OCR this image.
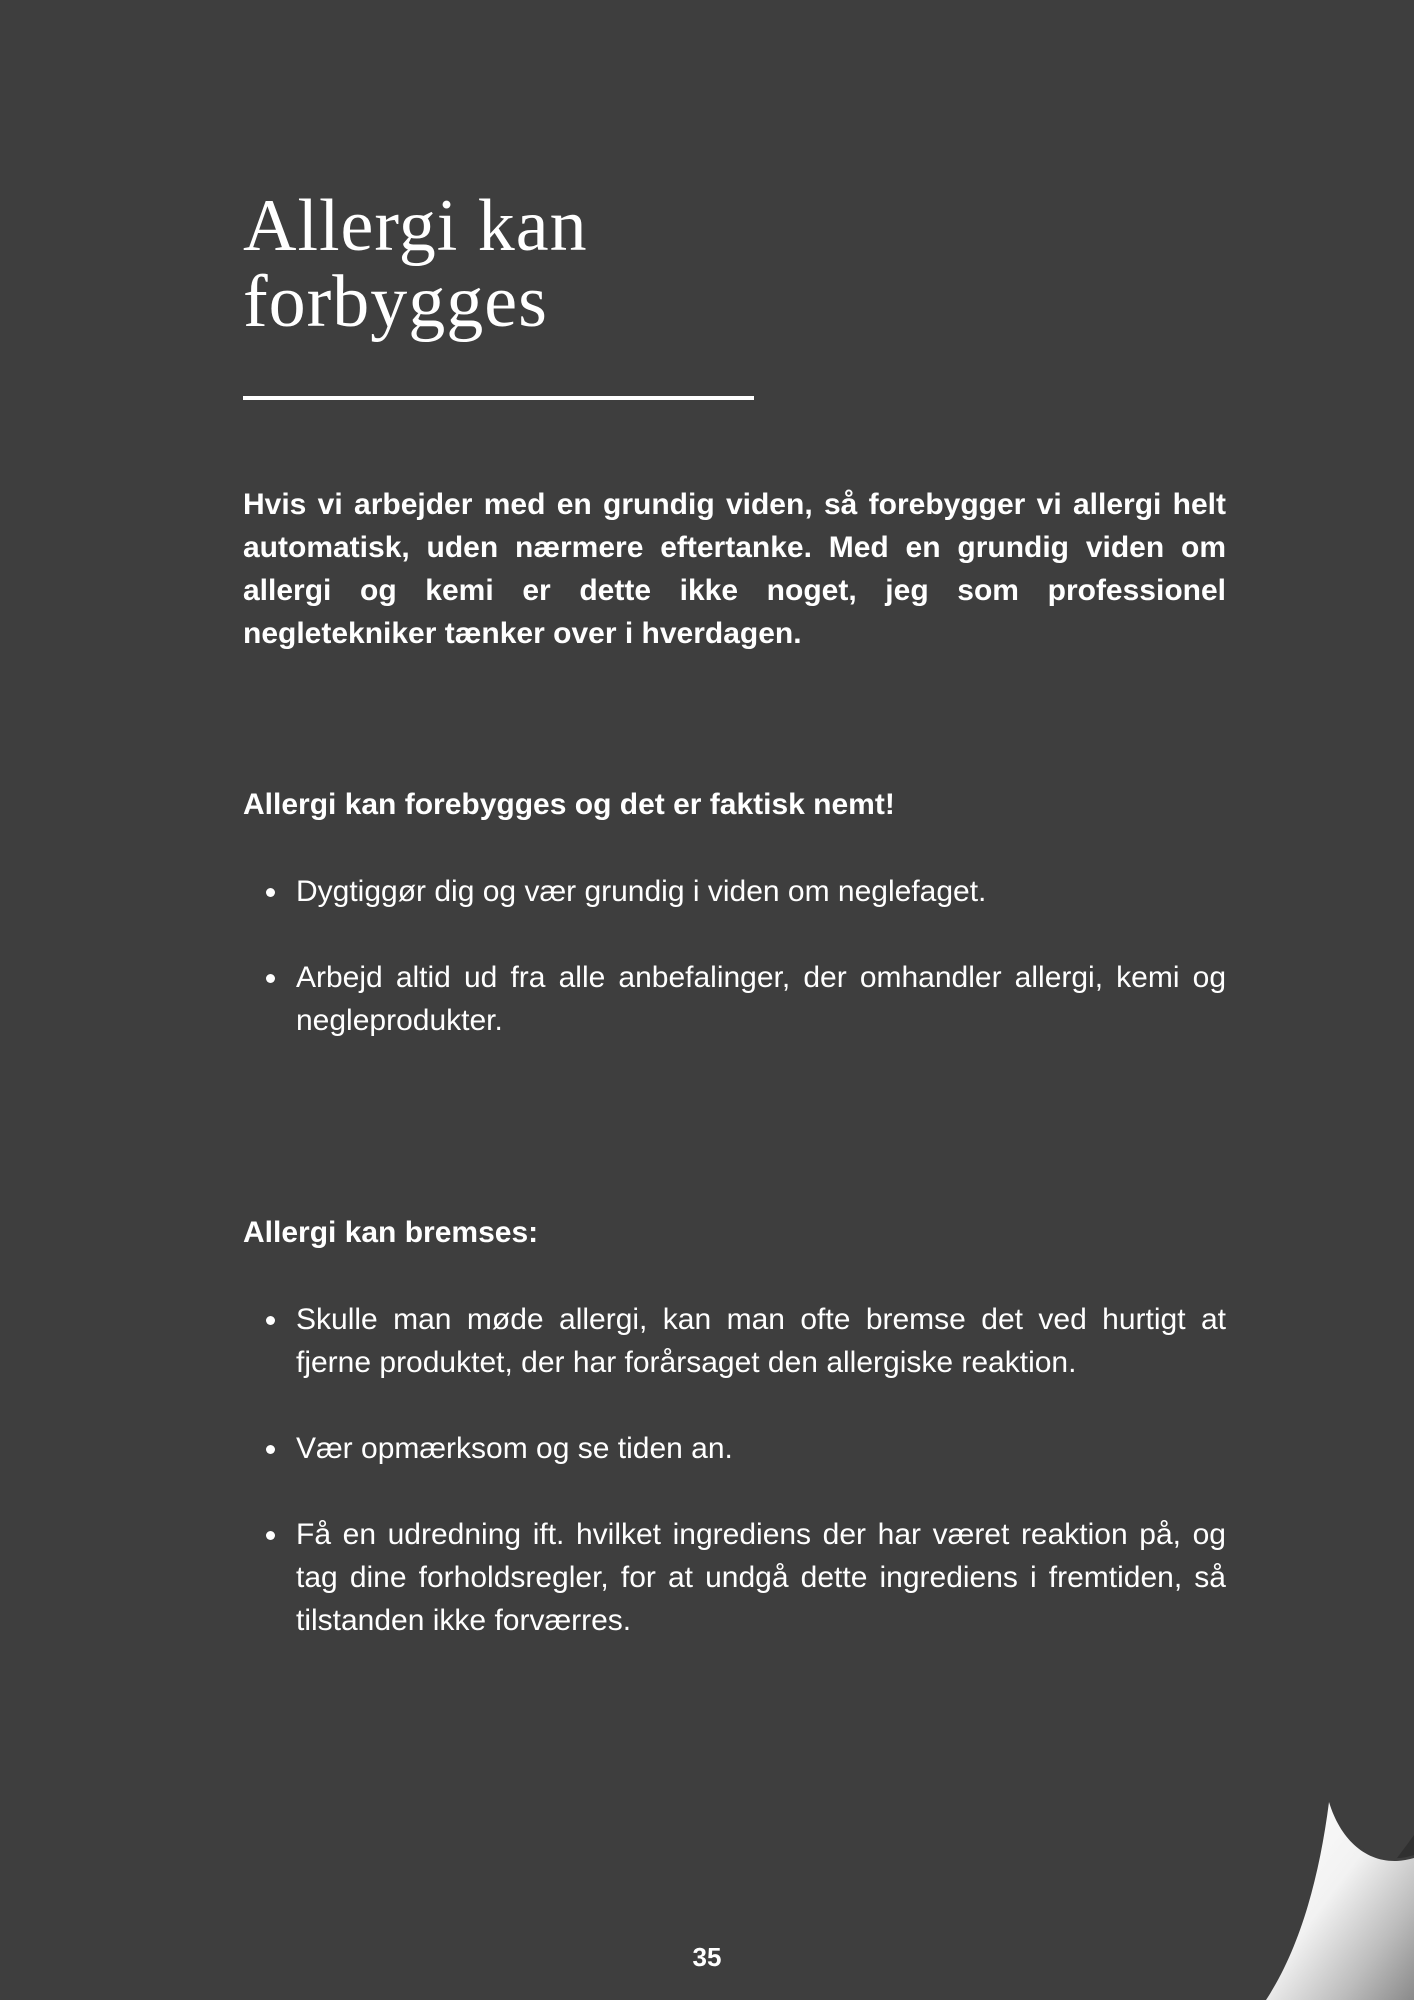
Allergi kan
forbygges

Hvis vi arbejder med en grundig viden, så forebygger vi allergi helt automatisk, uden nærmere eftertanke. Med en grundig viden om allergi og kemi er dette ikke noget, jeg som professionel negletekniker tænker over i hverdagen.

Allergi kan forebygges og det er faktisk nemt!
Dygtiggør dig og vær grundig i viden om neglefaget.
Arbejd altid ud fra alle anbefalinger, der omhandler allergi, kemi og negleprodukter.
Allergi kan bremses:
Skulle man møde allergi, kan man ofte bremse det ved hurtigt at fjerne produktet, der har forårsaget den allergiske reaktion.
Vær opmærksom og se tiden an.
Få en udredning ift. hvilket ingrediens der har været reaktion på, og tag dine forholdsregler, for at undgå dette ingrediens i fremtiden, så tilstanden ikke forværres.
35
